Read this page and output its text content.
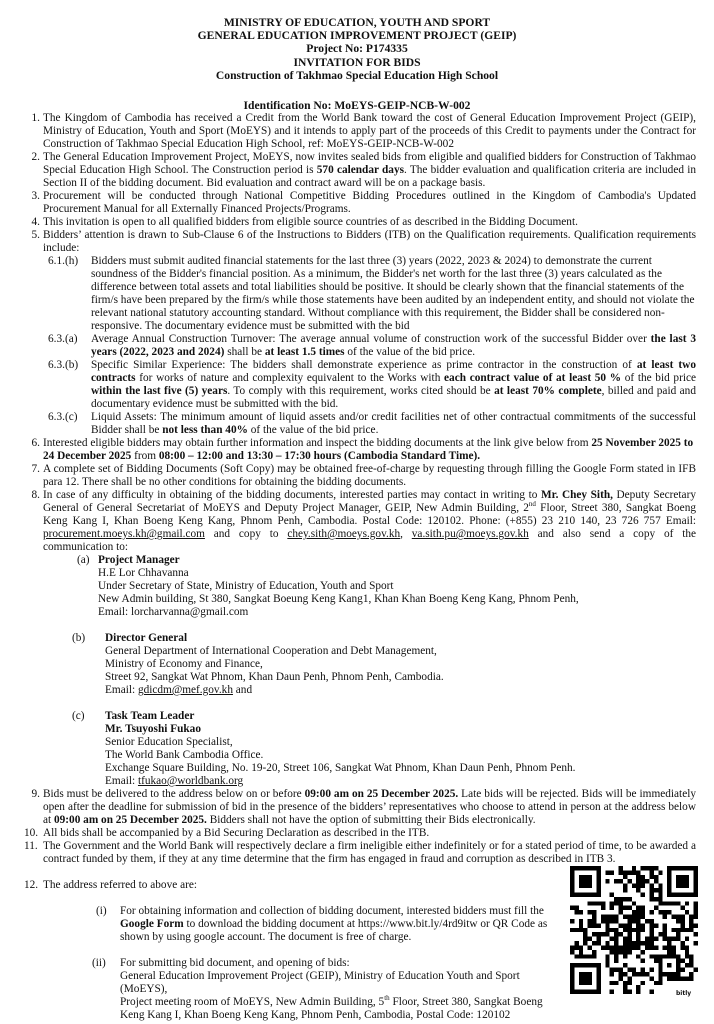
MINISTRY OF EDUCATION, YOUTH AND SPORT
GENERAL EDUCATION IMPROVEMENT PROJECT (GEIP)
Project No: P174335
INVITATION FOR BIDS
Construction of Takhmao Special Education High School
Identification No: MoEYS-GEIP-NCB-W-002
1. The Kingdom of Cambodia has received a Credit from the World Bank toward the cost of General Education Improvement Project (GEIP), Ministry of Education, Youth and Sport (MoEYS) and it intends to apply part of the proceeds of this Credit to payments under the Contract for Construction of Takhmao Special Education High School, ref: MoEYS-GEIP-NCB-W-002
2. The General Education Improvement Project, MoEYS, now invites sealed bids from eligible and qualified bidders for Construction of Takhmao Special Education High School. The Construction period is 570 calendar days. The bidder evaluation and qualification criteria are included in Section II of the bidding document. Bid evaluation and contract award will be on a package basis.
3. Procurement will be conducted through National Competitive Bidding Procedures outlined in the Kingdom of Cambodia's Updated Procurement Manual for all Externally Financed Projects/Programs.
4. This invitation is open to all qualified bidders from eligible source countries of as described in the Bidding Document.
5. Bidders’ attention is drawn to Sub-Clause 6 of the Instructions to Bidders (ITB) on the Qualification requirements. Qualification requirements include:
6.1.(h) Bidders must submit audited financial statements for the last three (3) years (2022, 2023 & 2024) to demonstrate the current soundness of the Bidder's financial position. As a minimum, the Bidder's net worth for the last three (3) years calculated as the difference between total assets and total liabilities should be positive. It should be clearly shown that the financial statements of the firm/s have been prepared by the firm/s while those statements have been audited by an independent entity, and should not violate the relevant national statutory accounting standard. Without compliance with this requirement, the Bidder shall be considered non-responsive. The documentary evidence must be submitted with the bid
6.3.(a) Average Annual Construction Turnover: The average annual volume of construction work of the successful Bidder over the last 3 years (2022, 2023 and 2024) shall be at least 1.5 times of the value of the bid price.
6.3.(b) Specific Similar Experience: The bidders shall demonstrate experience as prime contractor in the construction of at least two contracts for works of nature and complexity equivalent to the Works with each contract value of at least 50 % of the bid price within the last five (5) years. To comply with this requirement, works cited should be at least 70% complete, billed and paid and documentary evidence must be submitted with the bid.
6.3.(c) Liquid Assets: The minimum amount of liquid assets and/or credit facilities net of other contractual commitments of the successful Bidder shall be not less than 40% of the value of the bid price.
6. Interested eligible bidders may obtain further information and inspect the bidding documents at the link give below from 25 November 2025 to 24 December 2025 from 08:00 – 12:00 and 13:30 – 17:30 hours (Cambodia Standard Time).
7. A complete set of Bidding Documents (Soft Copy) may be obtained free-of-charge by requesting through filling the Google Form stated in IFB para 12. There shall be no other conditions for obtaining the bidding documents.
8. In case of any difficulty in obtaining of the bidding documents, interested parties may contact in writing to Mr. Chey Sith, Deputy Secretary General of General Secretariat of MoEYS and Deputy Project Manager, GEIP, New Admin Building, 2nd Floor, Street 380, Sangkat Boeng Keng Kang I, Khan Boeng Keng Kang, Phnom Penh, Cambodia. Postal Code: 120102. Phone: (+855) 23 210 140, 23 726 757 Email: procurement.moeys.kh@gmail.com and copy to chey.sith@moeys.gov.kh, va.sith.pu@moeys.gov.kh and also send a copy of the communication to:
(a) Project Manager
H.E Lor Chhavanna
Under Secretary of State, Ministry of Education, Youth and Sport
New Admin building, St 380, Sangkat Boeung Keng Kang1, Khan Khan Boeng Keng Kang, Phnom Penh,
Email: lorcharvanna@gmail.com
(b) Director General
General Department of International Cooperation and Debt Management,
Ministry of Economy and Finance,
Street 92, Sangkat Wat Phnom, Khan Daun Penh, Phnom Penh, Cambodia.
Email: gdicdm@mef.gov.kh and
(c) Task Team Leader
Mr. Tsuyoshi Fukao
Senior Education Specialist,
The World Bank Cambodia Office.
Exchange Square Building, No. 19-20, Street 106, Sangkat Wat Phnom, Khan Daun Penh, Phnom Penh.
Email: tfukao@worldbank.org
9. Bids must be delivered to the address below on or before 09:00 am on 25 December 2025. Late bids will be rejected. Bids will be immediately open after the deadline for submission of bid in the presence of the bidders’ representatives who choose to attend in person at the address below at 09:00 am on 25 December 2025. Bidders shall not have the option of submitting their Bids electronically.
10. All bids shall be accompanied by a Bid Securing Declaration as described in the ITB.
11. The Government and the World Bank will respectively declare a firm ineligible either indefinitely or for a stated period of time, to be awarded a contract funded by them, if they at any time determine that the firm has engaged in fraud and corruption as described in ITB 3.
12. The address referred to above are:
(i) For obtaining information and collection of bidding document, interested bidders must fill the Google Form to download the bidding document at https://www.bit.ly/4rd9itw or QR Code as shown by using google account. The document is free of charge.
(ii) For submitting bid document, and opening of bids:
General Education Improvement Project (GEIP), Ministry of Education Youth and Sport (MoEYS),
Project meeting room of MoEYS, New Admin Building, 5th Floor, Street 380, Sangkat Boeng Keng Kang I, Khan Boeng Keng Kang, Phnom Penh, Cambodia, Postal Code: 120102
bitly
